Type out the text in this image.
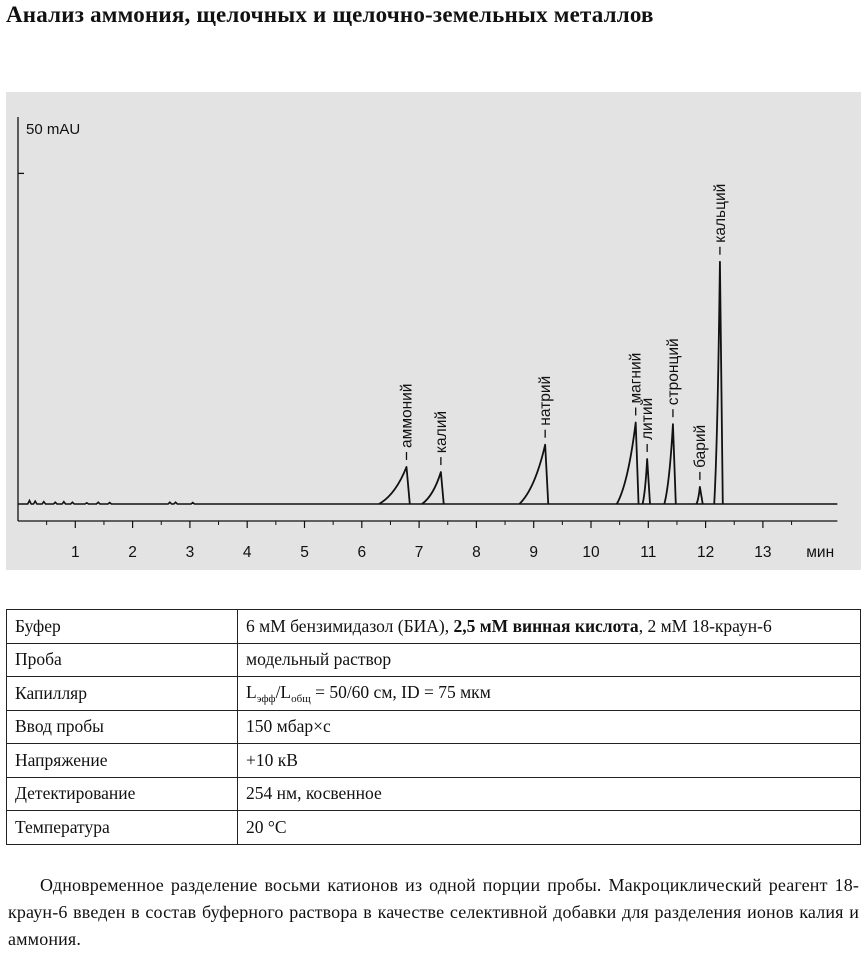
Анализ аммония, щелочных и щелочно-земельных металлов
50 mAU
1	2	3	4	5	6	7	8	9	10	11	12	13 мин
аммоний калий
натрий	магний
литий
стронций
барий
кальций
Буфер	6 мМ бензимидазол (БИА), 2,5 мМ винная кислота, 2 мМ 18-краун-6
Проба	модельный раствор
Капилляр	$L_{эфф}/L_{общ} = 50/60$ см, ID = 75 мкм
Ввод пробы	150 мбар×с
Напряжение	+10 кВ
Детектирование	254 нм, косвенное
Температура	20 °C
Одновременное разделение восьми катионов из одной порции пробы. Макроциклический реагент 18-краун-6 введен в состав буферного раствора в качестве селективной добавки для разделения ионов калия и аммония.
